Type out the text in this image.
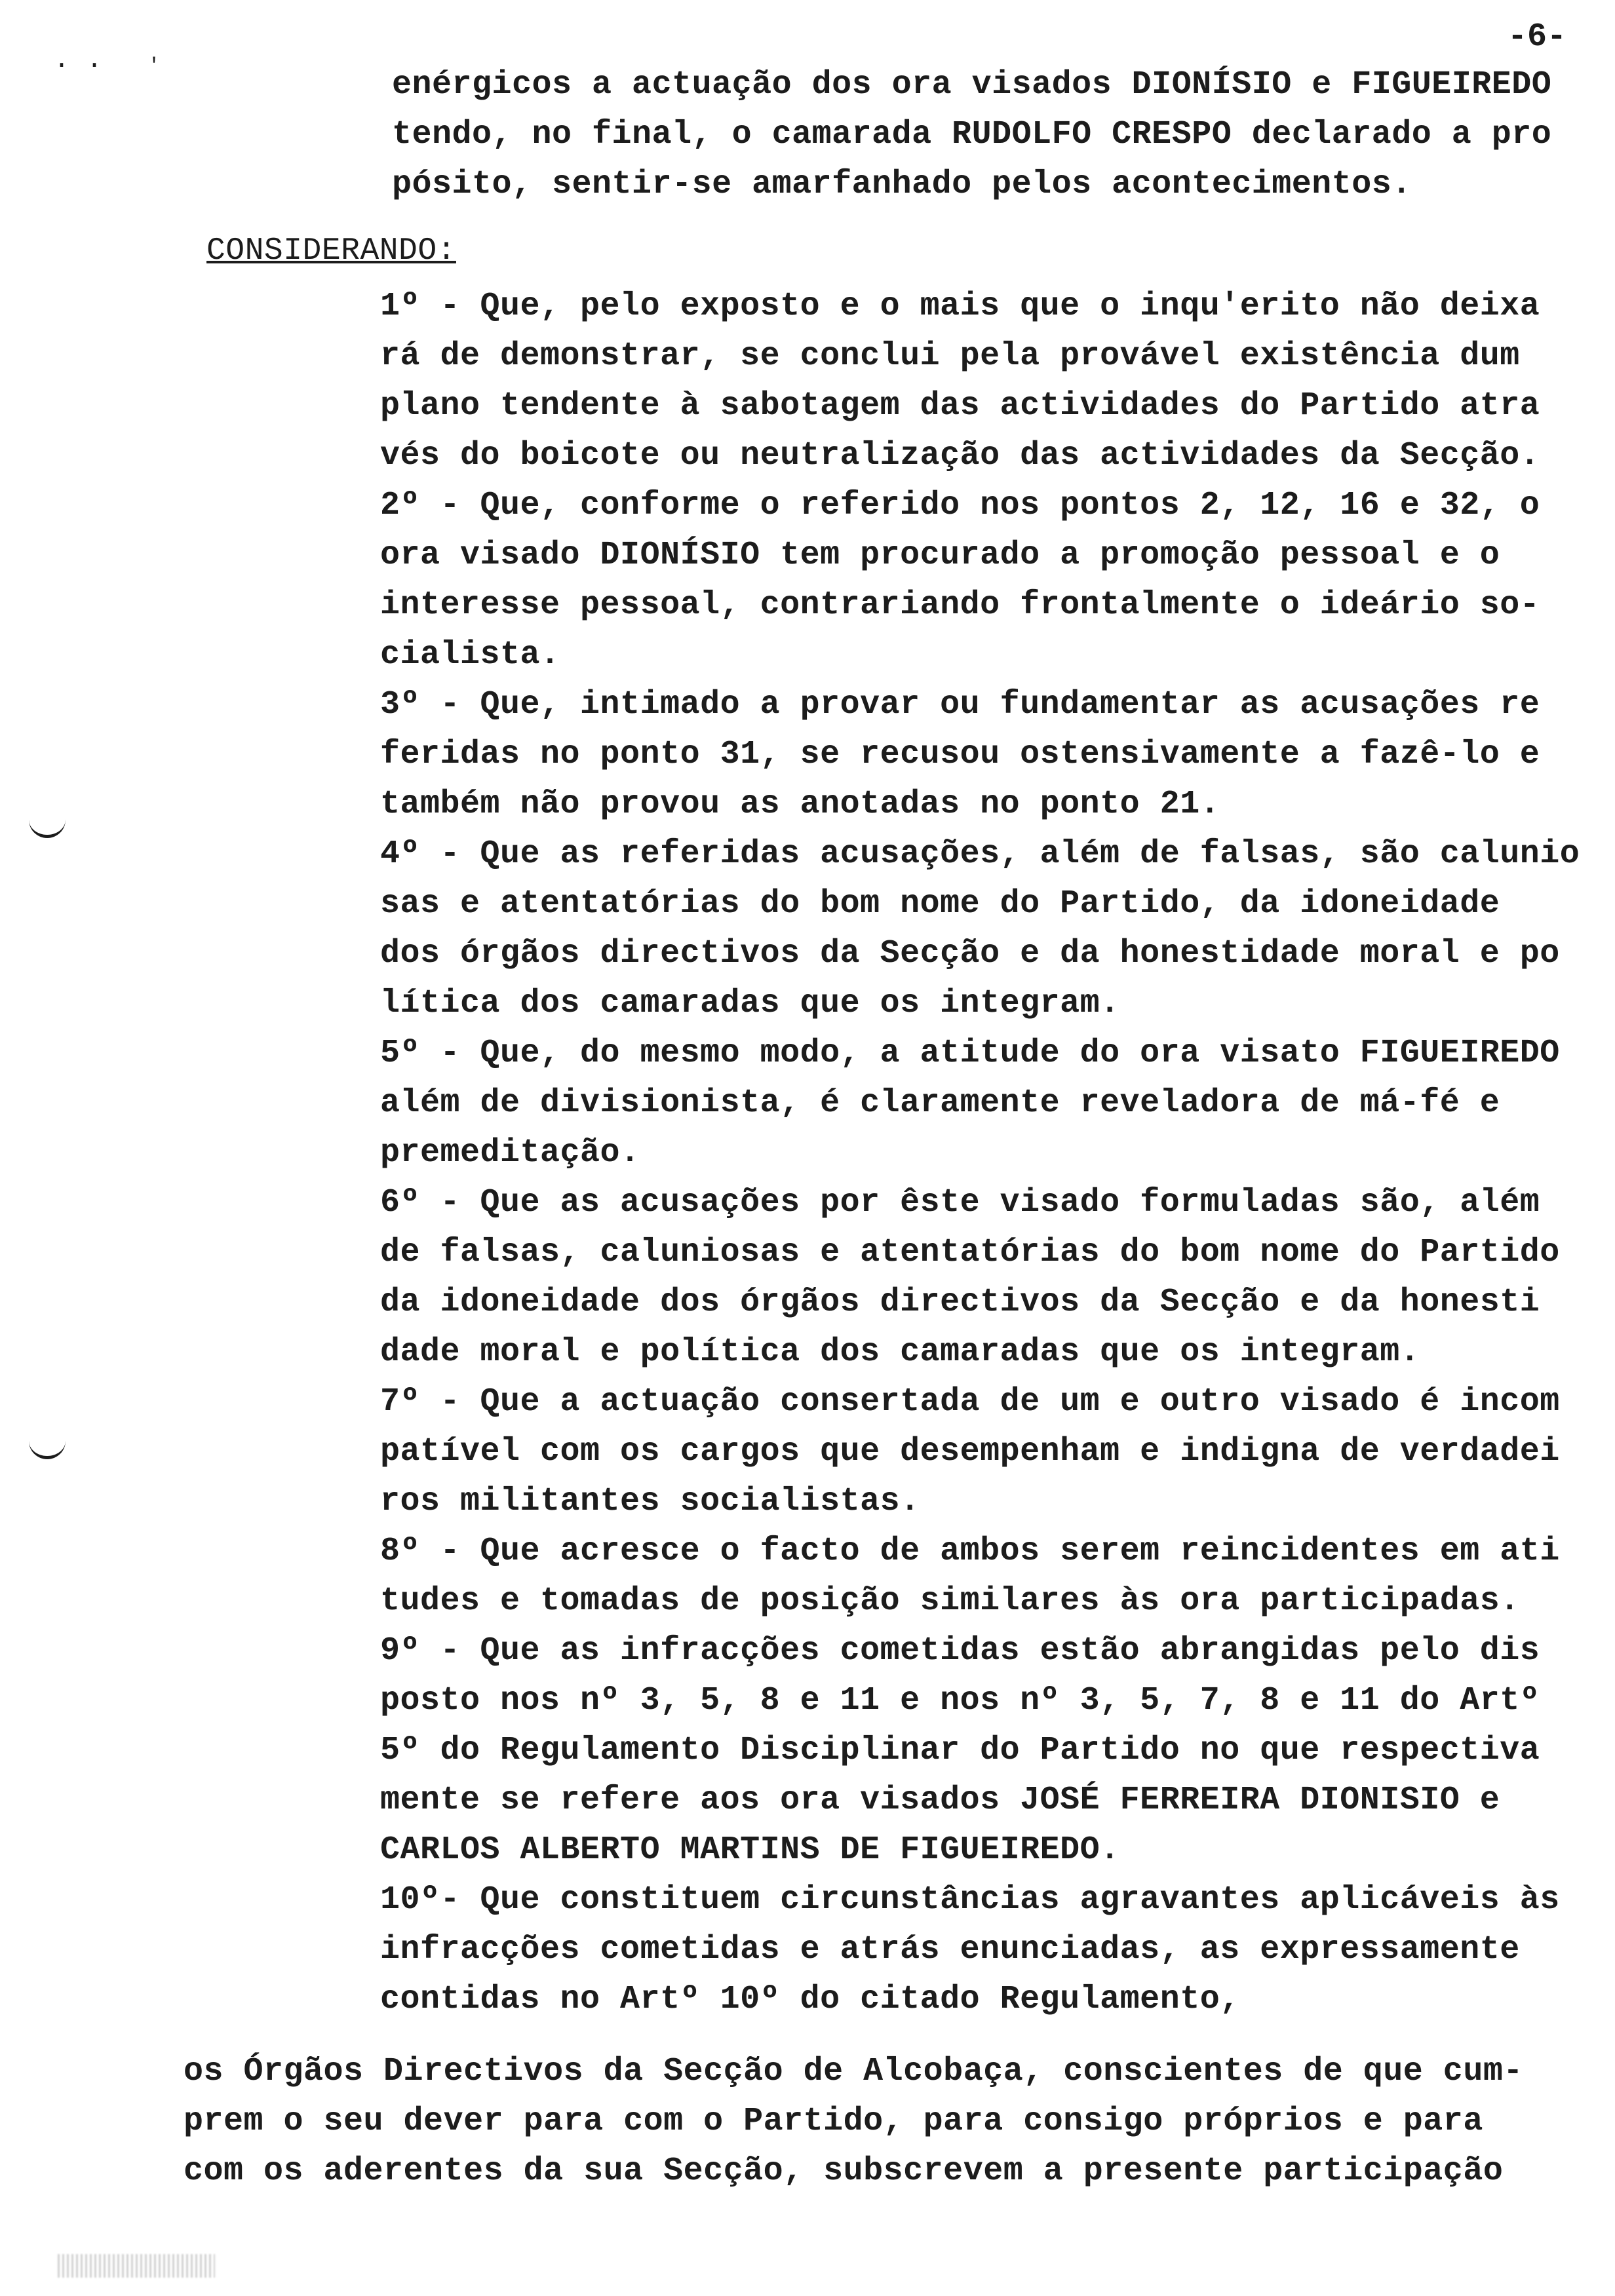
· · '
-6-
enérgicos a actuação dos ora visados DIONÍSIO e FIGUEIREDO
tendo, no final, o camarada RUDOLFO CRESPO declarado a pro
pósito, sentir-se amarfanhado pelos acontecimentos.
CONSIDERANDO:
1º - Que, pelo exposto e o mais que o inqu'erito não deixa
rá de demonstrar, se conclui pela provável existência dum
plano tendente à sabotagem das actividades do Partido atra
vés do boicote ou neutralização das actividades da Secção.
2º - Que, conforme o referido nos pontos 2, 12, 16 e 32, o
ora visado DIONÍSIO tem procurado a promoção pessoal e o
interesse pessoal, contrariando frontalmente o ideário so-
cialista.
3º - Que, intimado a provar ou fundamentar as acusações re
feridas no ponto 31, se recusou ostensivamente a fazê-lo e
também não provou as anotadas no ponto 21.
4º - Que as referidas acusações, além de falsas, são calunio
sas e atentatórias do bom nome do Partido, da idoneidade
dos órgãos directivos da Secção e da honestidade moral e po
lítica dos camaradas que os integram.
5º - Que, do mesmo modo, a atitude do ora visato FIGUEIREDO
além de divisionista, é claramente reveladora de má-fé e
premeditação.
6º - Que as acusações por êste visado formuladas são, além
de falsas, caluniosas e atentatórias do bom nome do Partido
da idoneidade dos órgãos directivos da Secção e da honesti
dade moral e política dos camaradas que os integram.
7º - Que a actuação consertada de um e outro visado é incom
patível com os cargos que desempenham e indigna de verdadei
ros militantes socialistas.
8º - Que acresce o facto de ambos serem reincidentes em ati
tudes e tomadas de posição similares às ora participadas.
9º - Que as infracções cometidas estão abrangidas pelo dis
posto nos nº 3, 5, 8 e 11 e nos nº 3, 5, 7, 8 e 11 do Artº
5º do Regulamento Disciplinar do Partido no que respectiva
mente se refere aos ora visados JOSÉ FERREIRA DIONISIO e
CARLOS ALBERTO MARTINS DE FIGUEIREDO.
10º- Que constituem circunstâncias agravantes aplicáveis às
infracções cometidas e atrás enunciadas, as expressamente
contidas no Artº 10º do citado Regulamento,
os Órgãos Directivos da Secção de Alcobaça, conscientes de que cum-
prem o seu dever para com o Partido, para consigo próprios e para
com os aderentes da sua Secção, subscrevem a presente participação
